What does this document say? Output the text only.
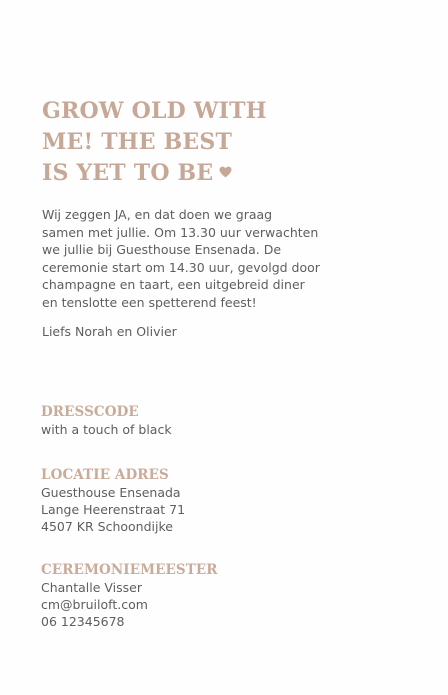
GROW OLD WITH
ME! THE BEST
IS YET TO BE
Wij zeggen JA, en dat doen we graag
samen met jullie. Om 13.30 uur verwachten
we jullie bij Guesthouse Ensenada. De
ceremonie start om 14.30 uur, gevolgd door
champagne en taart, een uitgebreid diner
en tenslotte een spetterend feest!
Liefs Norah en Olivier
DRESSCODE
with a touch of black
LOCATIE ADRES
Guesthouse Ensenada
Lange Heerenstraat 71
4507 KR Schoondijke
CEREMONIEMEESTER
Chantalle Visser
cm@bruiloft.com
06 12345678
